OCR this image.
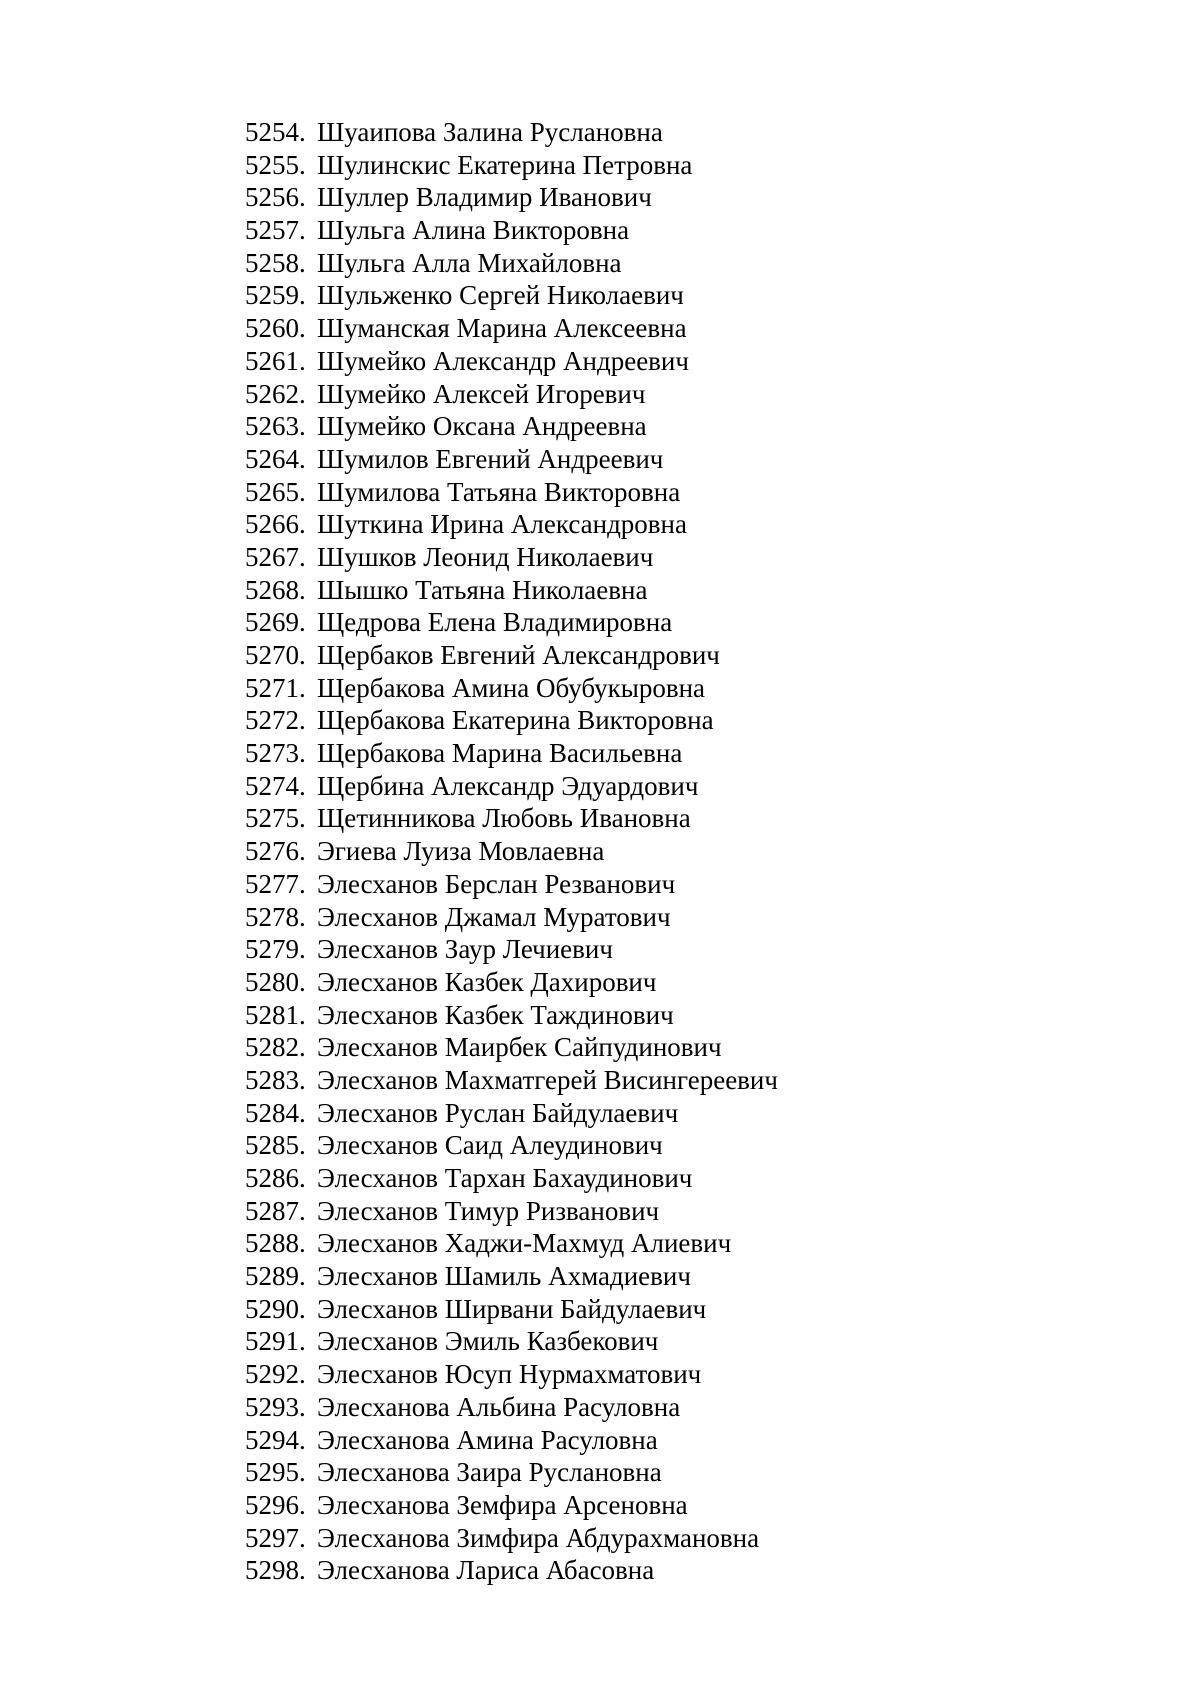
5254. Шуаипова Залина Руслановна
5255. Шулинскис Екатерина Петровна
5256. Шуллер Владимир Иванович
5257. Шульга Алина Викторовна
5258. Шульга Алла Михайловна
5259. Шульженко Сергей Николаевич
5260. Шуманская Марина Алексеевна
5261. Шумейко Александр Андреевич
5262. Шумейко Алексей Игоревич
5263. Шумейко Оксана Андреевна
5264. Шумилов Евгений Андреевич
5265. Шумилова Татьяна Викторовна
5266. Шуткина Ирина Александровна
5267. Шушков Леонид Николаевич
5268. Шышко Татьяна Николаевна
5269. Щедрова Елена Владимировна
5270. Щербаков Евгений Александрович
5271. Щербакова Амина Обубукыровна
5272. Щербакова Екатерина Викторовна
5273. Щербакова Марина Васильевна
5274. Щербина Александр Эдуардович
5275. Щетинникова Любовь Ивановна
5276. Эгиева Луиза Мовлаевна
5277. Элесханов Берслан Резванович
5278. Элесханов Джамал Муратович
5279. Элесханов Заур Лечиевич
5280. Элесханов Казбек Дахирович
5281. Элесханов Казбек Таждинович
5282. Элесханов Маирбек Сайпудинович
5283. Элесханов Махматгерей Висингереевич
5284. Элесханов Руслан Байдулаевич
5285. Элесханов Саид Алеудинович
5286. Элесханов Тархан Бахаудинович
5287. Элесханов Тимур Ризванович
5288. Элесханов Хаджи-Махмуд Алиевич
5289. Элесханов Шамиль Ахмадиевич
5290. Элесханов Ширвани Байдулаевич
5291. Элесханов Эмиль Казбекович
5292. Элесханов Юсуп Нурмахматович
5293. Элесханова Альбина Расуловна
5294. Элесханова Амина Расуловна
5295. Элесханова Заира Руслановна
5296. Элесханова Земфира Арсеновна
5297. Элесханова Зимфира Абдурахмановна
5298. Элесханова Лариса Абасовна
